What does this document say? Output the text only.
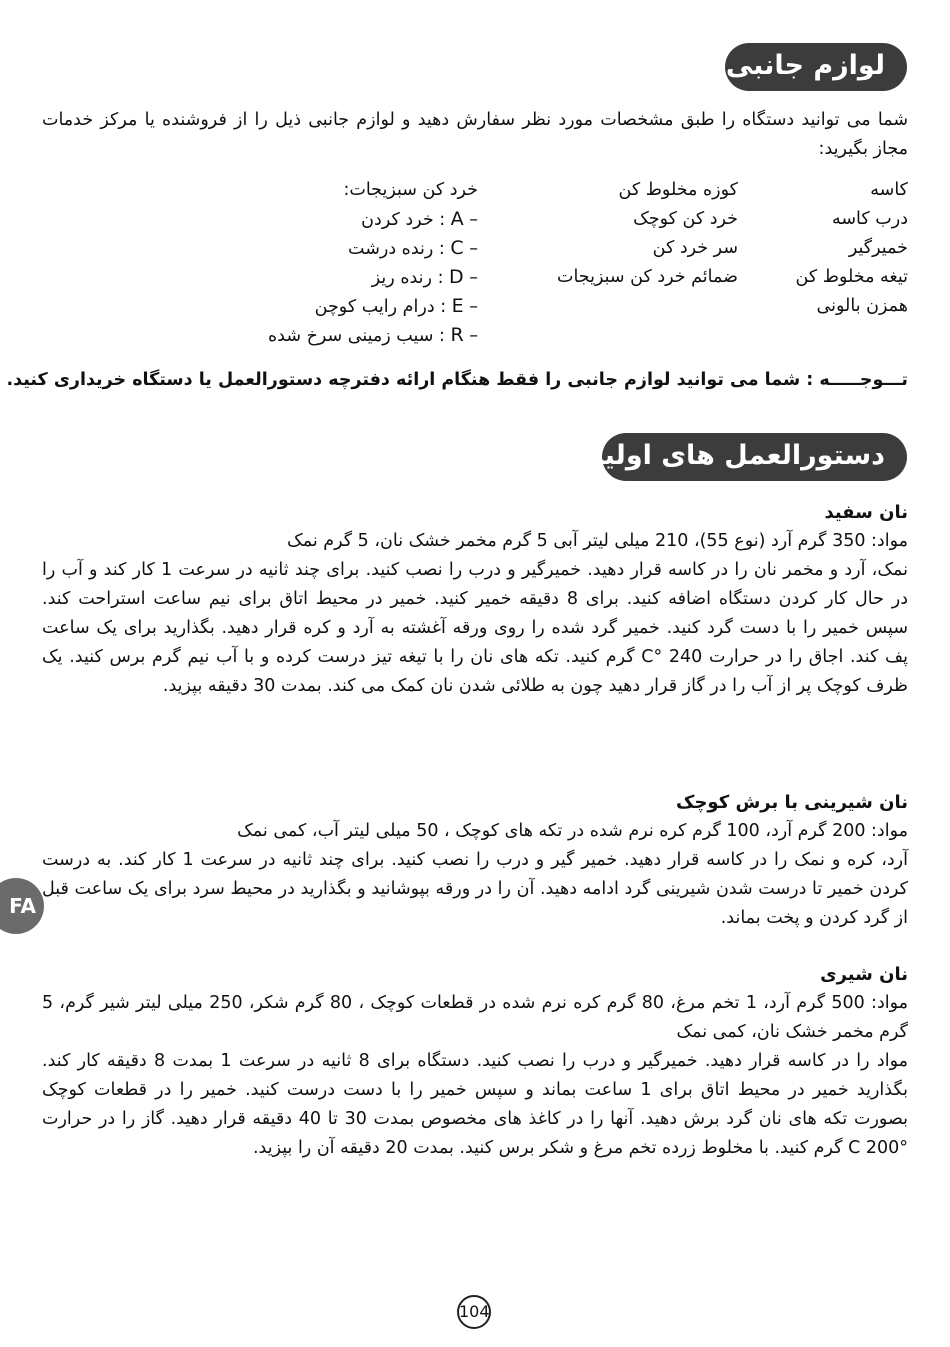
لوازم جانبی
شما می توانید دستگاه را طبق مشخصات مورد نظر سفارش دهید و لوازم جانبی ذیل را از فروشنده یا مرکز خدمات مجاز بگیرید:
کاسه
درب کاسه
خمیرگیر
تیغه مخلوط کن
همزن بالونی
کوزه مخلوط کن
خرد کن کوچک
سر خرد کن
ضمائم خرد کن سبزیجات
خرد کن سبزیجات:
– A : خرد کردن
– C : رنده درشت
– D : رنده ریز
– E : درام رایب کوچن
– R : سیب زمینی سرخ شده
تـــوجـــــه : شما می توانید لوازم جانبی را فقط هنگام ارائه دفترچه دستورالعمل یا دستگاه خریداری کنید.
دستورالعمل های اولیه
نان سفید

مواد: 350 گرم آرد (نوع 55)، 210 میلی لیتر آبی 5 گرم مخمر خشک نان، 5 گرم نمک

نمک، آرد و مخمر نان را در کاسه قرار دهید. خمیرگیر و درب را نصب کنید. برای چند ثانیه در سرعت 1 کار کند و آب را در حال کار کردن دستگاه اضافه کنید. برای 8 دقیقه خمیر کنید. خمیر در محیط اتاق برای نیم ساعت استراحت کند. سپس خمیر را با دست گرد کنید. خمیر گرد شده را روی ورقه آغشته به آرد و کره قرار دهید. بگذارید برای یک ساعت پف کند. اجاق را در حرارت 240 °C گرم کنید. تکه های نان را با تیغه تیز درست کرده و با آب نیم گرم برس کنید. یک ظرف کوچک پر از آب را در گاز قرار دهید چون به طلائی شدن نان کمک می کند. بمدت 30 دقیقه بپزید.

نان شیرینی با برش کوچک

مواد: 200 گرم آرد، 100 گرم کره نرم شده در تکه های کوچک ، 50 میلی لیتر آب، کمی نمک

آرد، کره و نمک را در کاسه قرار دهید. خمیر گیر و درب را نصب کنید. برای چند ثانیه در سرعت 1 کار کند. به درست کردن خمیر تا درست شدن شیرینی گرد ادامه دهید. آن را در ورقه بپوشانید و بگذارید در محیط سرد برای یک ساعت قبل از گرد کردن و پخت بماند.

نان شیری

مواد: 500 گرم آرد، 1 تخم مرغ، 80 گرم کره نرم شده در قطعات کوچک ، 80 گرم شکر، 250 میلی لیتر شیر گرم، 5 گرم مخمر خشک نان، کمی نمک

مواد را در کاسه قرار دهید. خمیرگیر و درب را نصب کنید. دستگاه برای 8 ثانیه در سرعت 1 بمدت 8 دقیقه کار کند. بگذارید خمیر در محیط اتاق برای 1 ساعت بماند و سپس خمیر را با دست درست کنید. خمیر را در قطعات کوچک بصورت تکه های نان گرد برش دهید. آنها را در کاغذ های مخصوص بمدت 30 تا 40 دقیقه قرار دهید. گاز را در حرارت °C 200 گرم کنید. با مخلوط زرده تخم مرغ و شکر برس کنید. بمدت 20 دقیقه آن را بپزید.

FA
104
